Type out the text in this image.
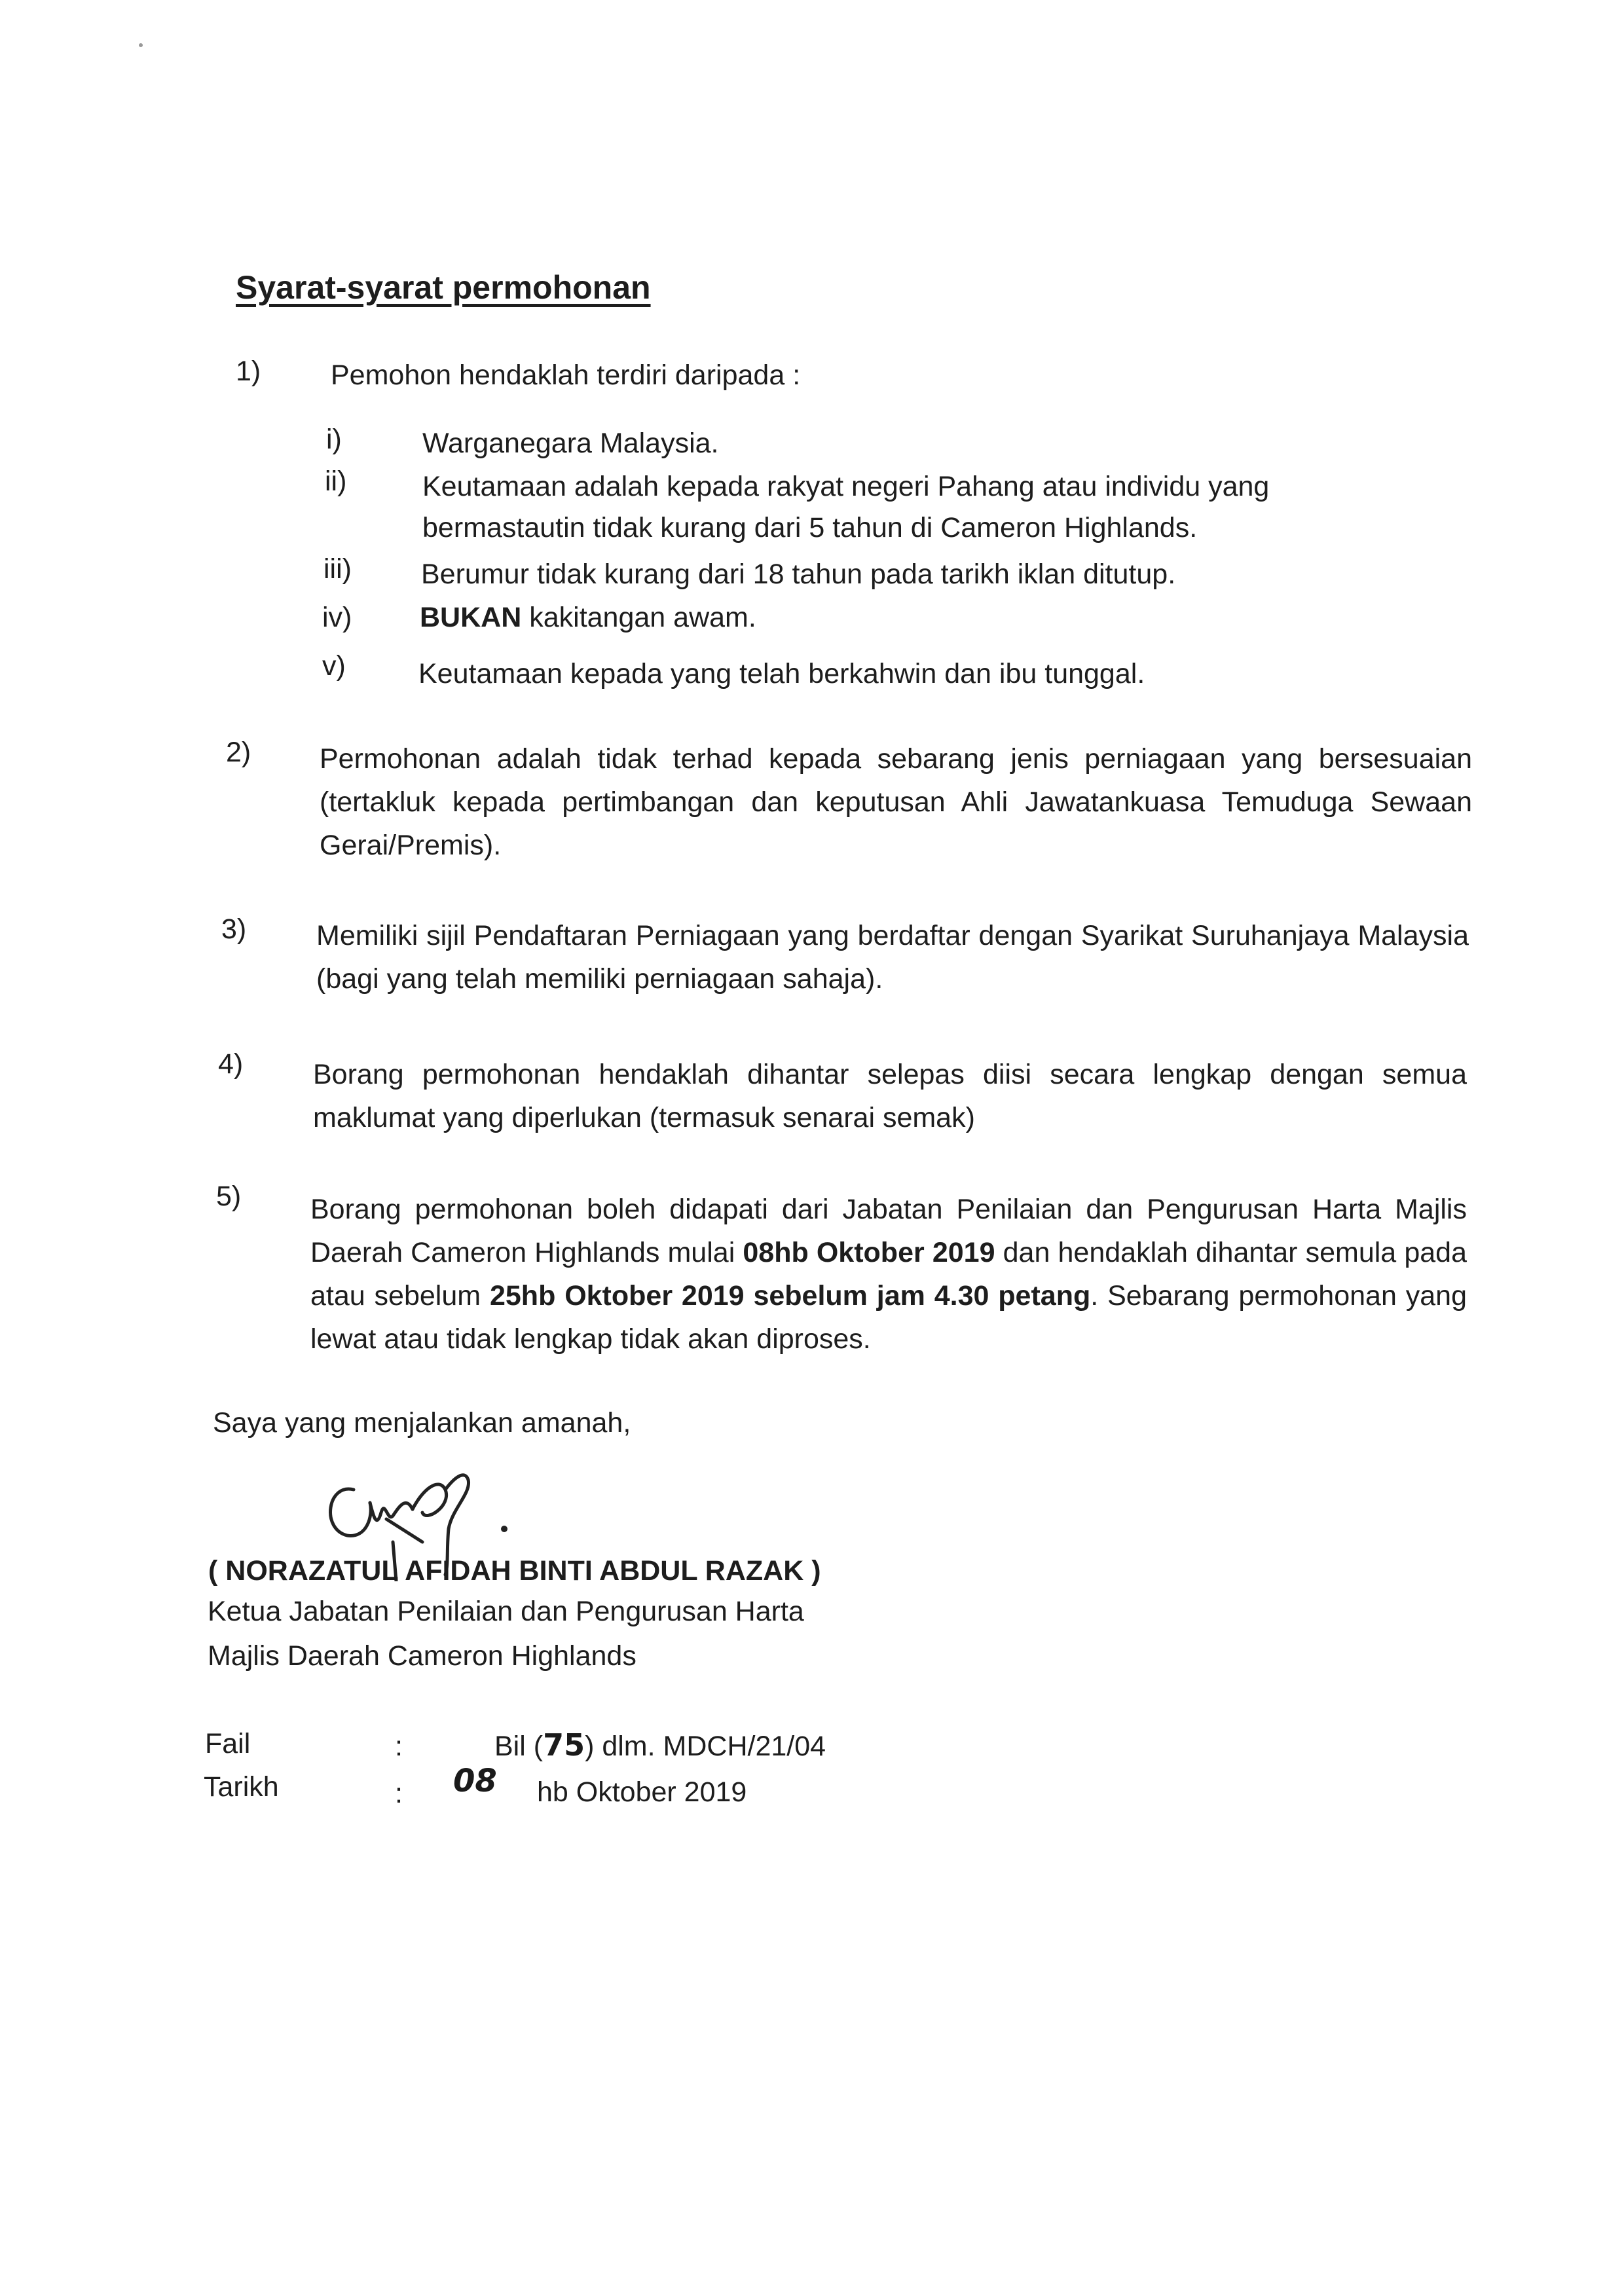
Syarat-syarat permohonan
1) Pemohon hendaklah terdiri daripada :
i)	Warganegara Malaysia.
ii)	Keutamaan adalah kepada rakyat negeri Pahang atau individu yang
bermastautin tidak kurang dari 5 tahun di Cameron Highlands.
iii) Berumur tidak kurang dari 18 tahun pada tarikh iklan ditutup.
iv) BUKAN kakitangan awam.
v)	Keutamaan kepada yang telah berkahwin dan ibu tunggal.
2) Permohonan adalah tidak terhad kepada sebarang jenis perniagaan yang bersesuaian (tertakluk kepada pertimbangan dan keputusan Ahli Jawatankuasa Temuduga Sewaan Gerai/Premis).
3) Memiliki sijil Pendaftaran Perniagaan yang berdaftar dengan Syarikat Suruhanjaya Malaysia (bagi yang telah memiliki perniagaan sahaja).
4) Borang permohonan hendaklah dihantar selepas diisi secara lengkap dengan semua maklumat yang diperlukan (termasuk senarai semak)
5) Borang permohonan boleh didapati dari Jabatan Penilaian dan Pengurusan Harta Majlis Daerah Cameron Highlands mulai 08hb Oktober 2019 dan hendaklah dihantar semula pada atau sebelum 25hb Oktober 2019 sebelum jam 4.30 petang. Sebarang permohonan yang lewat atau tidak lengkap tidak akan diproses.
Saya yang menjalankan amanah,
( NORAZATUL AFIDAH BINTI ABDUL RAZAK )
Ketua Jabatan Penilaian dan Pengurusan Harta
Majlis Daerah Cameron Highlands
Fail	:	Bil (75) dlm. MDCH/21/04
Tarikh	: 08 hb Oktober 2019
